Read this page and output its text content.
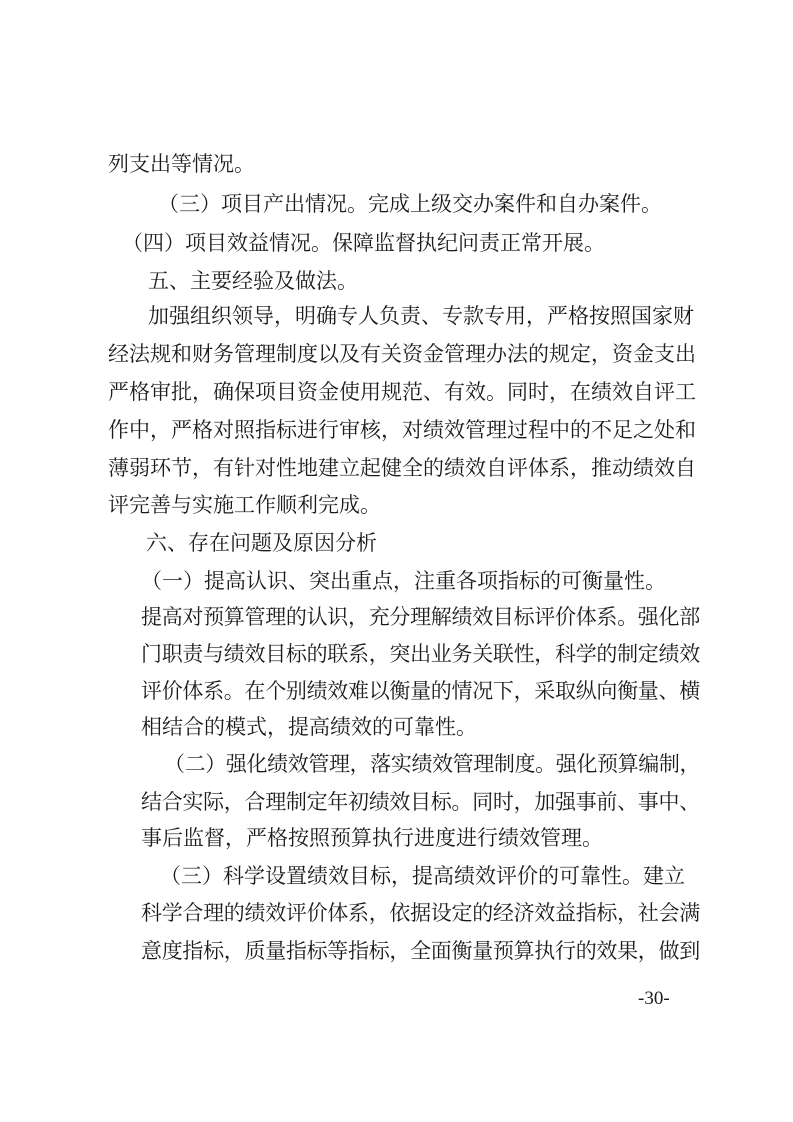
列支出等情况。
（三）项目产出情况。完成上级交办案件和自办案件。
（四）项目效益情况。保障监督执纪问责正常开展。
五、主要经验及做法。
加强组织领导，明确专人负责、专款专用，严格按照国家财
经法规和财务管理制度以及有关资金管理办法的规定，资金支出
严格审批，确保项目资金使用规范、有效。同时，在绩效自评工
作中，严格对照指标进行审核，对绩效管理过程中的不足之处和
薄弱环节，有针对性地建立起健全的绩效自评体系，推动绩效自
评完善与实施工作顺利完成。
六、存在问题及原因分析
（一）提高认识、突出重点，注重各项指标的可衡量性。
提高对预算管理的认识，充分理解绩效目标评价体系。强化部
门职责与绩效目标的联系，突出业务关联性，科学的制定绩效
评价体系。在个别绩效难以衡量的情况下，采取纵向衡量、横
相结合的模式，提高绩效的可靠性。
（二）强化绩效管理，落实绩效管理制度。强化预算编制，
结合实际，合理制定年初绩效目标。同时，加强事前、事中、
事后监督，严格按照预算执行进度进行绩效管理。
（三）科学设置绩效目标，提高绩效评价的可靠性。建立
科学合理的绩效评价体系，依据设定的经济效益指标，社会满
意度指标，质量指标等指标，全面衡量预算执行的效果，做到
-30-
